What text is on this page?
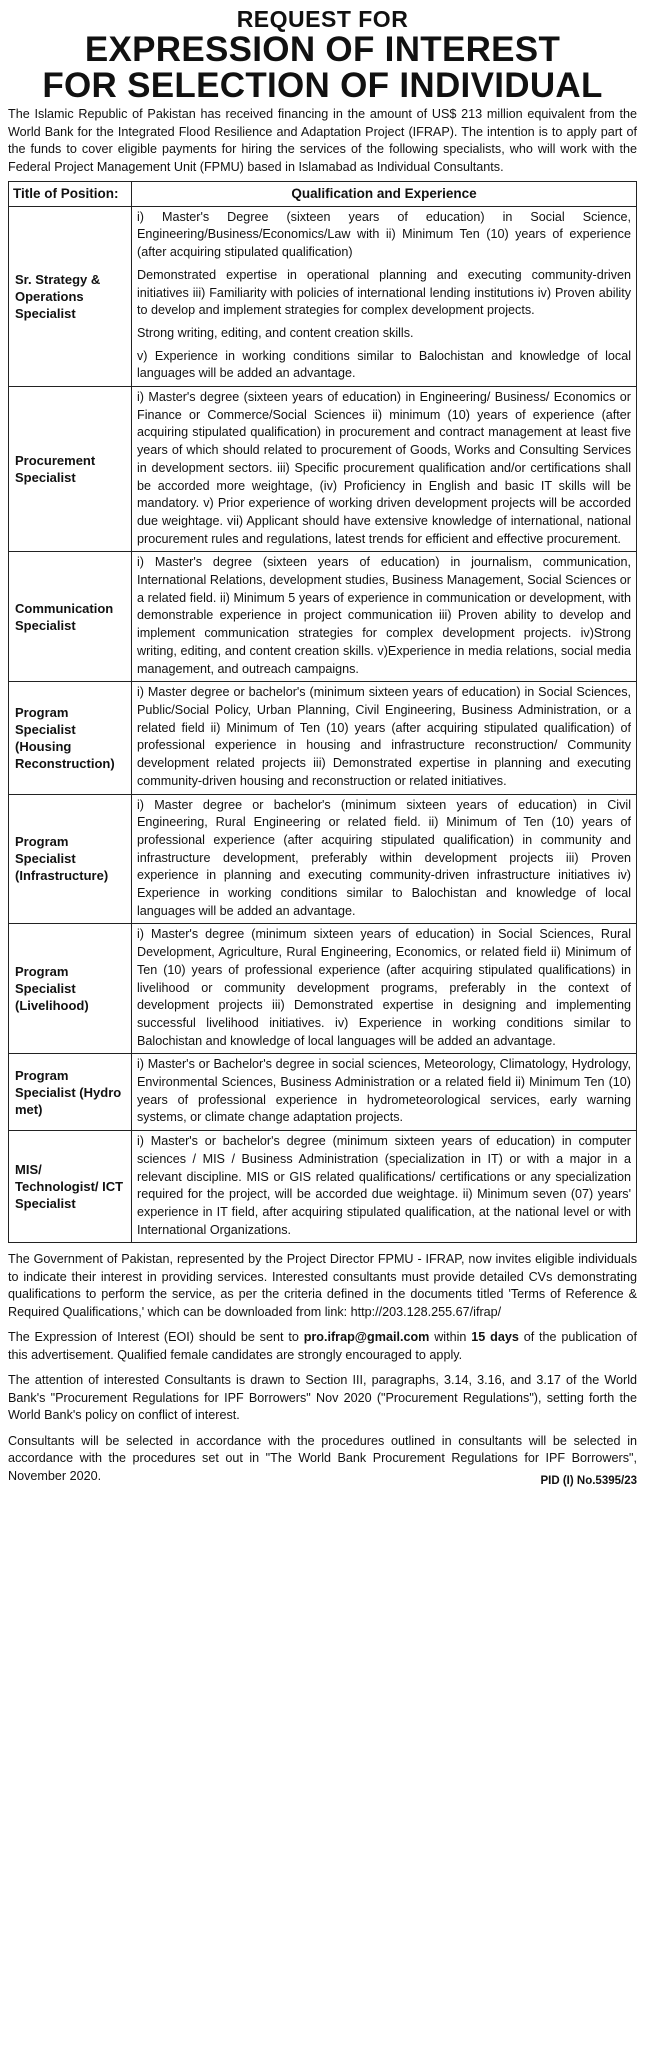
REQUEST FOR
EXPRESSION OF INTEREST
FOR SELECTION OF INDIVIDUAL

The Islamic Republic of Pakistan has received financing in the amount of US$ 213 million equivalent from the World Bank for the Integrated Flood Resilience and Adaptation Project (IFRAP). The intention is to apply part of the funds to cover eligible payments for hiring the services of the following specialists, who will work with the Federal Project Management Unit (FPMU) based in Islamabad as Individual Consultants.

Title of Position:	Qualification and Experience
Sr. Strategy & Operations Specialist	i) Master's Degree (sixteen years of education) in Social Science, Engineering/Business/Economics/Law with ii) Minimum Ten (10) years of experience (after acquiring stipulated qualification)

Demonstrated expertise in operational planning and executing community-driven initiatives iii) Familiarity with policies of international lending institutions iv) Proven ability to develop and implement strategies for complex development projects.

Strong writing, editing, and content creation skills.

v) Experience in working conditions similar to Balochistan and knowledge of local languages will be added an advantage.

Procurement Specialist	i) Master's degree (sixteen years of education) in Engineering/ Business/ Economics or Finance or Commerce/Social Sciences ii) minimum (10) years of experience (after acquiring stipulated qualification) in procurement and contract management at least five years of which should related to procurement of Goods, Works and Consulting Services in development sectors. iii) Specific procurement qualification and/or certifications shall be accorded more weightage, (iv) Proficiency in English and basic IT skills will be mandatory. v) Prior experience of working driven development projects will be accorded due weightage. vii) Applicant should have extensive knowledge of international, national procurement rules and regulations, latest trends for efficient and effective procurement.

Communication Specialist	i) Master's degree (sixteen years of education) in journalism, communication, International Relations, development studies, Business Management, Social Sciences or a related field. ii) Minimum 5 years of experience in communication or development, with demonstrable experience in project communication iii) Proven ability to develop and implement communication strategies for complex development projects. iv)Strong writing, editing, and content creation skills. v)Experience in media relations, social media management, and outreach campaigns.

Program Specialist (Housing Reconstruction)	i) Master degree or bachelor's (minimum sixteen years of education) in Social Sciences, Public/Social Policy, Urban Planning, Civil Engineering, Business Administration, or a related field ii) Minimum of Ten (10) years (after acquiring stipulated qualification) of professional experience in housing and infrastructure reconstruction/ Community development related projects iii) Demonstrated expertise in planning and executing community-driven housing and reconstruction or related initiatives.

Program Specialist (Infrastructure)	i) Master degree or bachelor's (minimum sixteen years of education) in Civil Engineering, Rural Engineering or related field. ii) Minimum of Ten (10) years of professional experience (after acquiring stipulated qualification) in community and infrastructure development, preferably within development projects iii) Proven experience in planning and executing community-driven infrastructure initiatives iv) Experience in working conditions similar to Balochistan and knowledge of local languages will be added an advantage.

Program Specialist (Livelihood)	i) Master's degree (minimum sixteen years of education) in Social Sciences, Rural Development, Agriculture, Rural Engineering, Economics, or related field ii) Minimum of Ten (10) years of professional experience (after acquiring stipulated qualifications) in livelihood or community development programs, preferably in the context of development projects iii) Demonstrated expertise in designing and implementing successful livelihood initiatives. iv) Experience in working conditions similar to Balochistan and knowledge of local languages will be added an advantage.

Program Specialist (Hydro met)	i) Master's or Bachelor's degree in social sciences, Meteorology, Climatology, Hydrology, Environmental Sciences, Business Administration or a related field ii) Minimum Ten (10) years of professional experience in hydrometeorological services, early warning systems, or climate change adaptation projects.

MIS/ Technologist/ ICT Specialist	i) Master's or bachelor's degree (minimum sixteen years of education) in computer sciences / MIS / Business Administration (specialization in IT) or with a major in a relevant discipline. MIS or GIS related qualifications/ certifications or any specialization required for the project, will be accorded due weightage. ii) Minimum seven (07) years' experience in IT field, after acquiring stipulated qualification, at the national level or with International Organizations.

The Government of Pakistan, represented by the Project Director FPMU - IFRAP, now invites eligible individuals to indicate their interest in providing services. Interested consultants must provide detailed CVs demonstrating qualifications to perform the service, as per the criteria defined in the documents titled 'Terms of Reference & Required Qualifications,' which can be downloaded from link: http://203.128.255.67/ifrap/

The Expression of Interest (EOI) should be sent to pro.ifrap@gmail.com within 15 days of the publication of this advertisement. Qualified female candidates are strongly encouraged to apply.

The attention of interested Consultants is drawn to Section III, paragraphs, 3.14, 3.16, and 3.17 of the World Bank's "Procurement Regulations for IPF Borrowers" Nov 2020 ("Procurement Regulations"), setting forth the World Bank's policy on conflict of interest.

Consultants will be selected in accordance with the procedures outlined in consultants will be selected in accordance with the procedures set out in "The World Bank Procurement Regulations for IPF Borrowers", November 2020.	PID (I) No.5395/23
